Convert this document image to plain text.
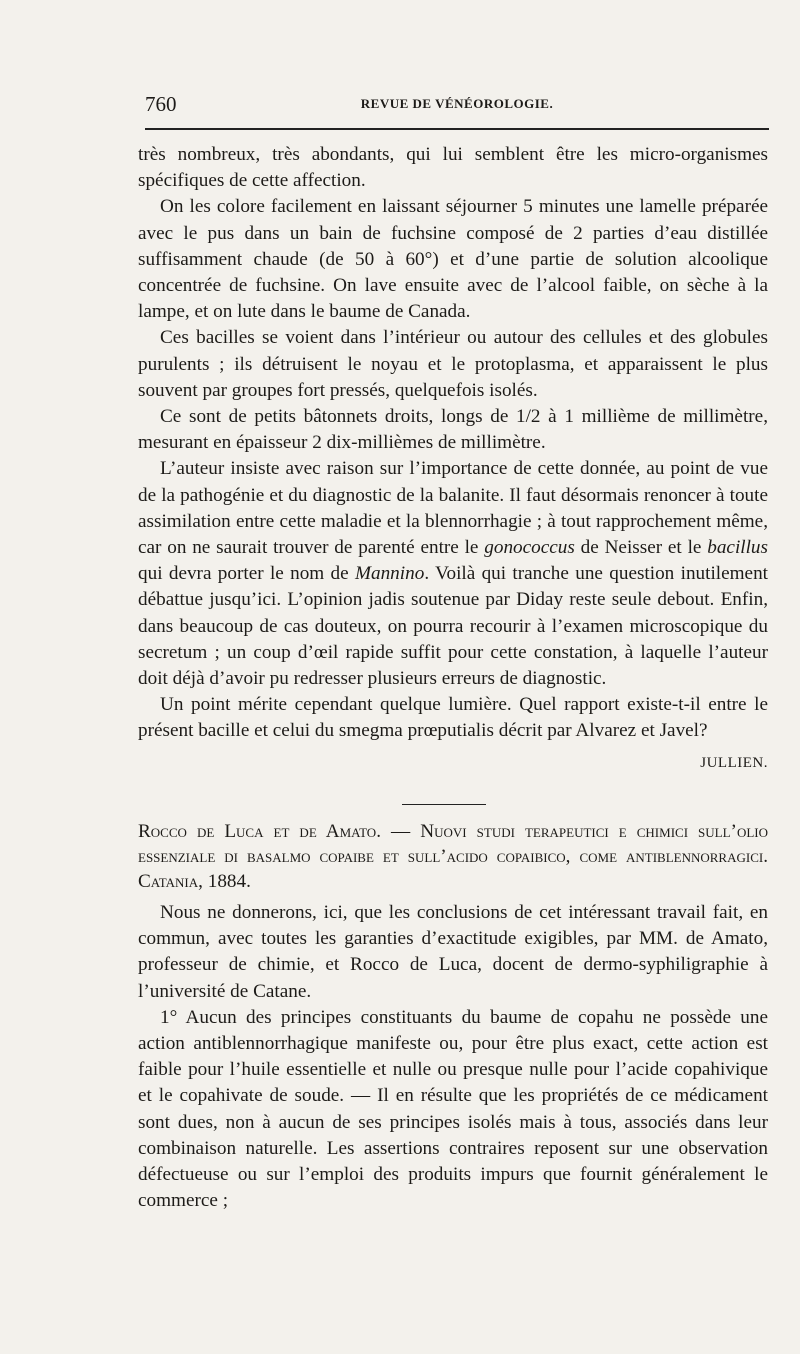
760	REVUE DE VÉNÉOROLOGIE.

très nombreux, très abondants, qui lui semblent être les micro-organismes spécifiques de cette affection.

On les colore facilement en laissant séjourner 5 minutes une lamelle préparée avec le pus dans un bain de fuchsine composé de 2 parties d’eau distillée suffisamment chaude (de 50 à 60°) et d’une partie de solution alcoolique concentrée de fuchsine. On lave ensuite avec de l’alcool faible, on sèche à la lampe, et on lute dans le baume de Canada.

Ces bacilles se voient dans l’intérieur ou autour des cellules et des globules purulents ; ils détruisent le noyau et le protoplasma, et apparaissent le plus souvent par groupes fort pressés, quelquefois isolés.

Ce sont de petits bâtonnets droits, longs de 1/2 à 1 millième de millimètre, mesurant en épaisseur 2 dix-millièmes de millimètre.

L’auteur insiste avec raison sur l’importance de cette donnée, au point de vue de la pathogénie et du diagnostic de la balanite. Il faut désormais renoncer à toute assimilation entre cette maladie et la blennorrhagie ; à tout rapprochement même, car on ne saurait trouver de parenté entre le gonococcus de Neisser et le bacillus qui devra porter le nom de Mannino. Voilà qui tranche une question inutilement débattue jusqu’ici. L’opinion jadis soutenue par Diday reste seule debout. Enfin, dans beaucoup de cas douteux, on pourra recourir à l’examen microscopique du secretum ; un coup d’œil rapide suffit pour cette constation, à laquelle l’auteur doit déjà d’avoir pu redresser plusieurs erreurs de diagnostic.

Un point mérite cependant quelque lumière. Quel rapport existe-t-il entre le présent bacille et celui du smegma prœputialis décrit par Alvarez et Javel?
JULLIEN.

Rocco de Luca et de Amato. — Nuovi studi terapeutici e chimici sull’olio essenziale di basalmo copaibe et sull’acido copaibico, come antiblennorragici. Catania, 1884.

Nous ne donnerons, ici, que les conclusions de cet intéressant travail fait, en commun, avec toutes les garanties d’exactitude exigibles, par MM. de Amato, professeur de chimie, et Rocco de Luca, docent de dermo-syphiligraphie à l’université de Catane.

1° Aucun des principes constituants du baume de copahu ne possède une action antiblennorrhagique manifeste ou, pour être plus exact, cette action est faible pour l’huile essentielle et nulle ou presque nulle pour l’acide copahivique et le copahivate de soude. — Il en résulte que les propriétés de ce médicament sont dues, non à aucun de ses principes isolés mais à tous, associés dans leur combinaison naturelle. Les assertions contraires reposent sur une observation défectueuse ou sur l’emploi des produits impurs que fournit généralement le commerce ;
